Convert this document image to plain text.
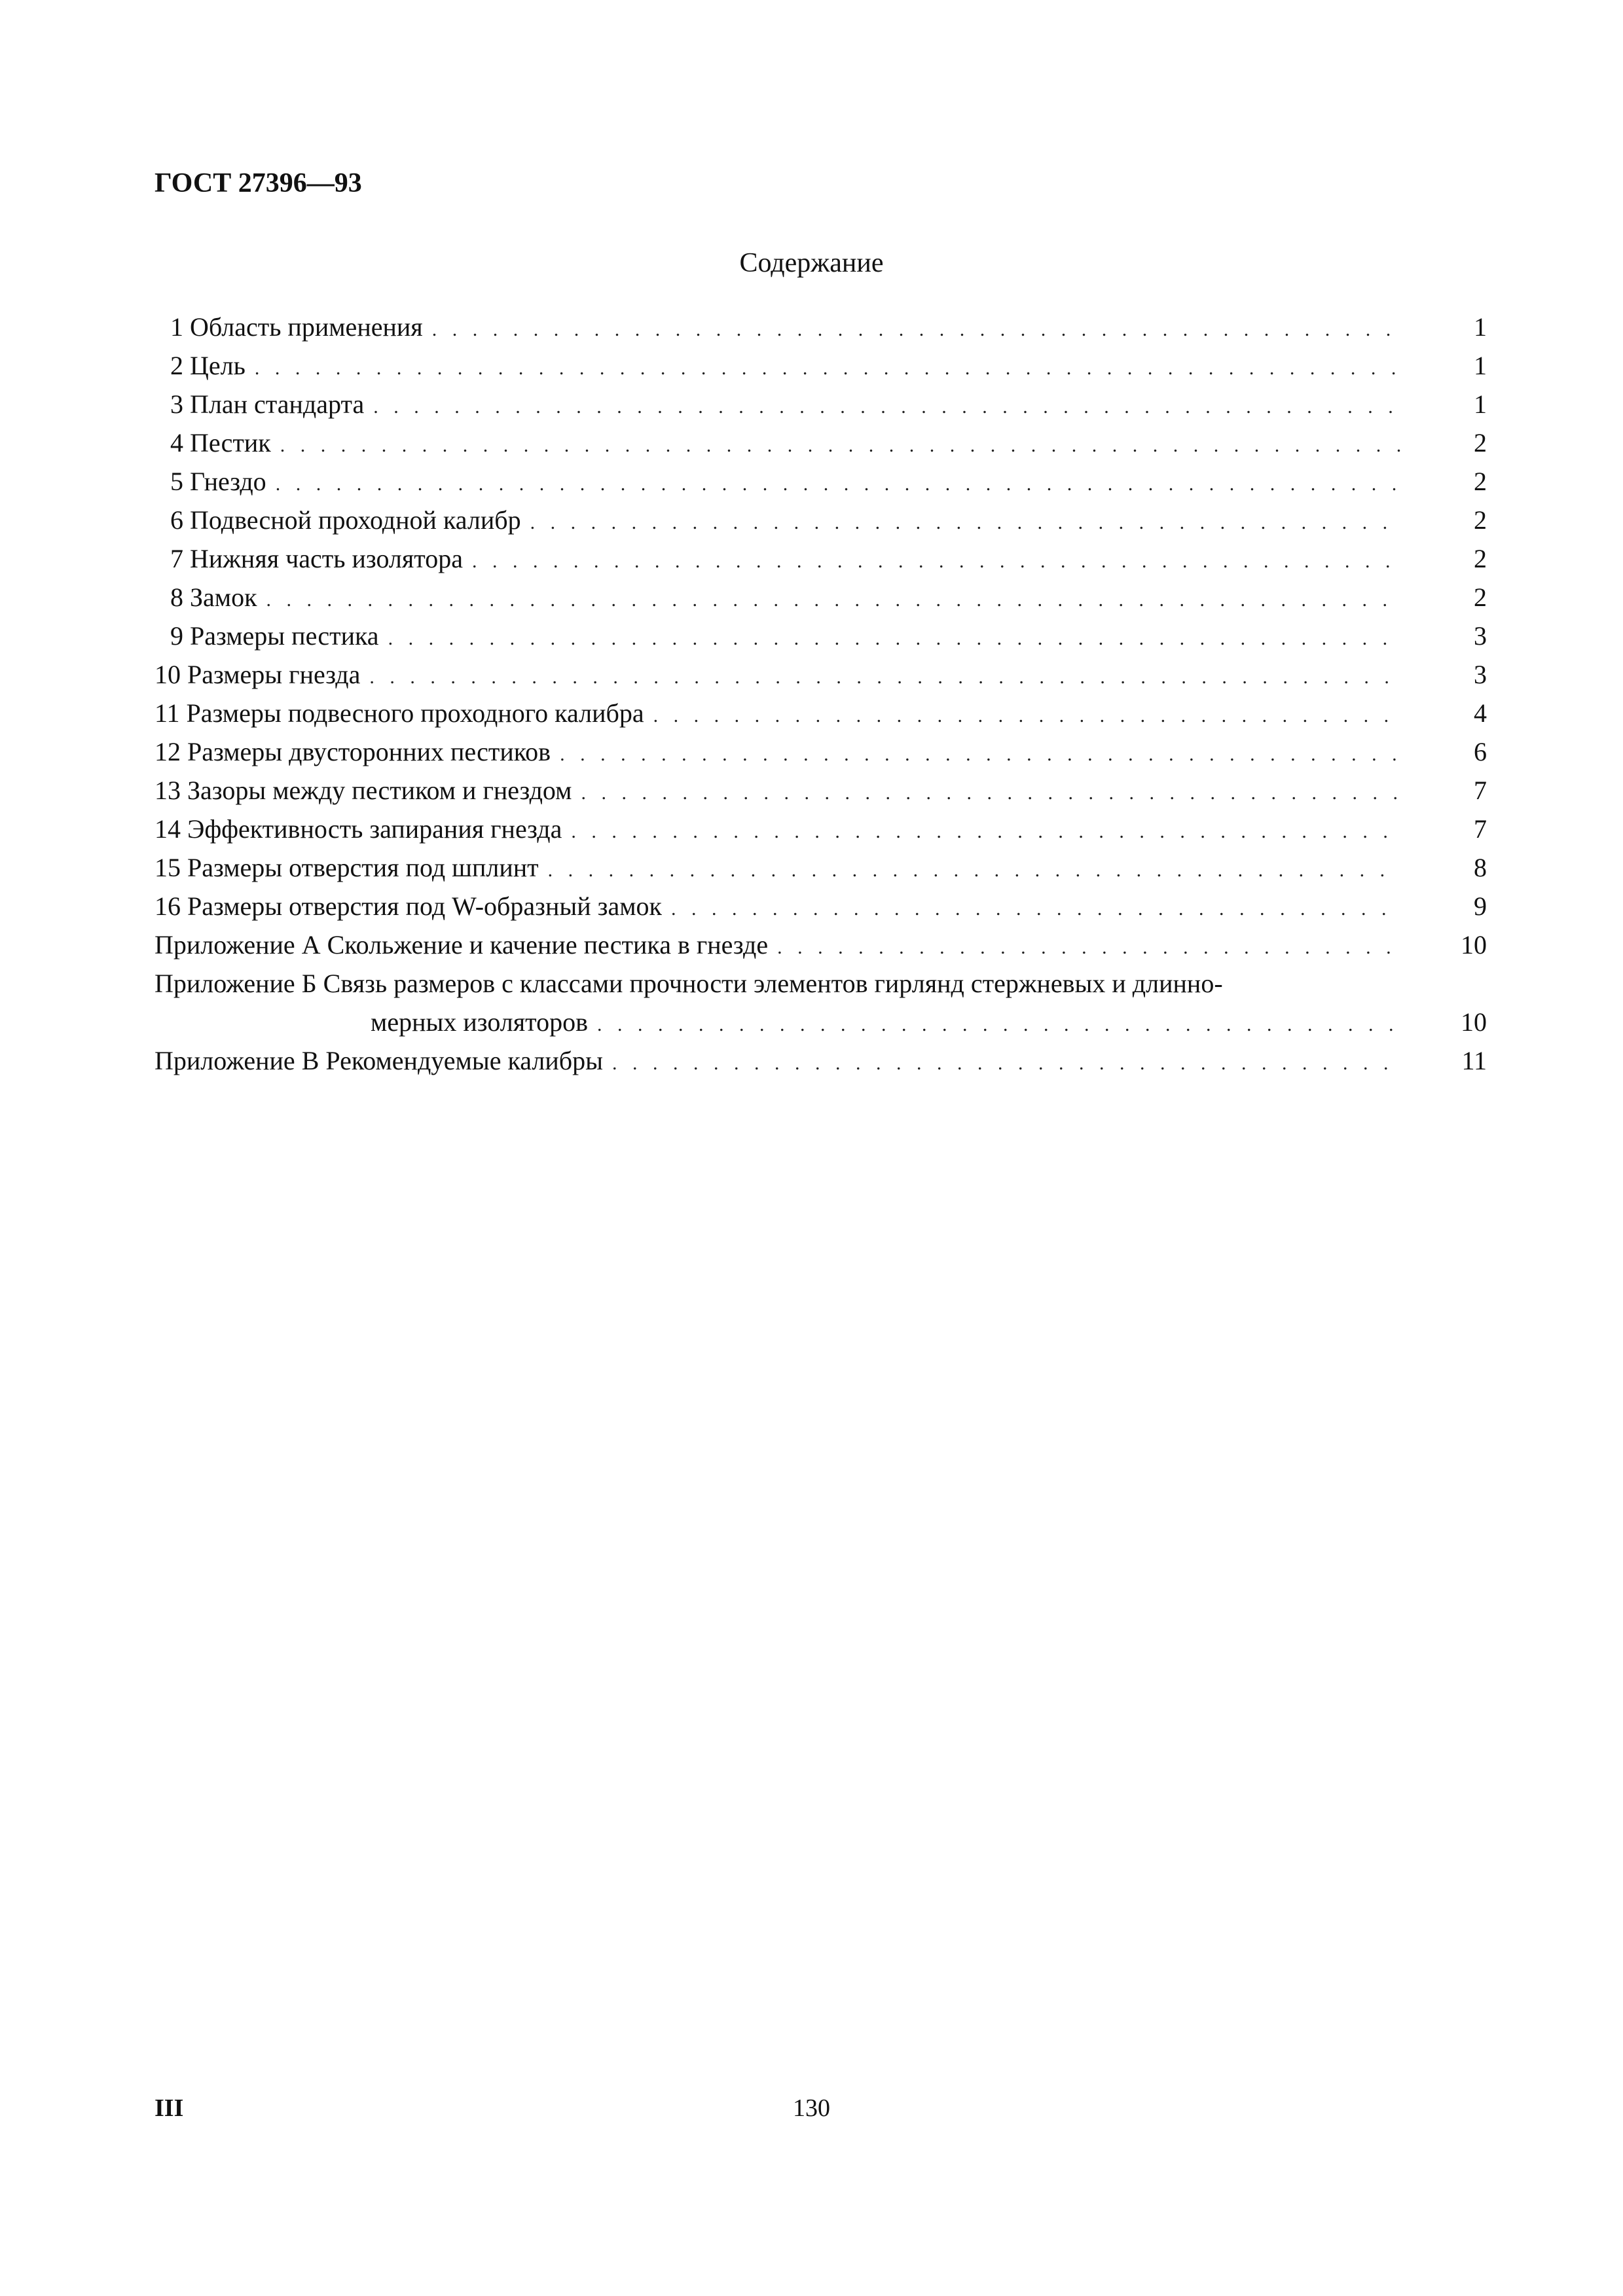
ГОСТ 27396—93
Содержание
1 Область применения . . .	1
2 Цель . . .	1
3 План стандарта . . .	1
4 Пестик . . .	2
5 Гнездо . . .	2
6 Подвесной проходной калибр . . .	2
7 Нижняя часть изолятора . . .	2
8 Замок . . .	2
9 Размеры пестика . . .	3
10 Размеры гнезда . . .	3
11 Размеры подвесного проходного калибра . . .	4
12 Размеры двусторонних пестиков . . .	6
13 Зазоры между пестиком и гнездом . . .	7
14 Эффективность запирания гнезда . . .	7
15 Размеры отверстия под шплинт . . .	8
16 Размеры отверстия под W-образный замок . . .	9
Приложение А Скольжение и качение пестика в гнезде . . .	10
Приложение Б Связь размеров с классами прочности элементов гирлянд стержневых и длинно-
мерных изоляторов . . .	10
Приложение В Рекомендуемые калибры . . .	11
III	130
